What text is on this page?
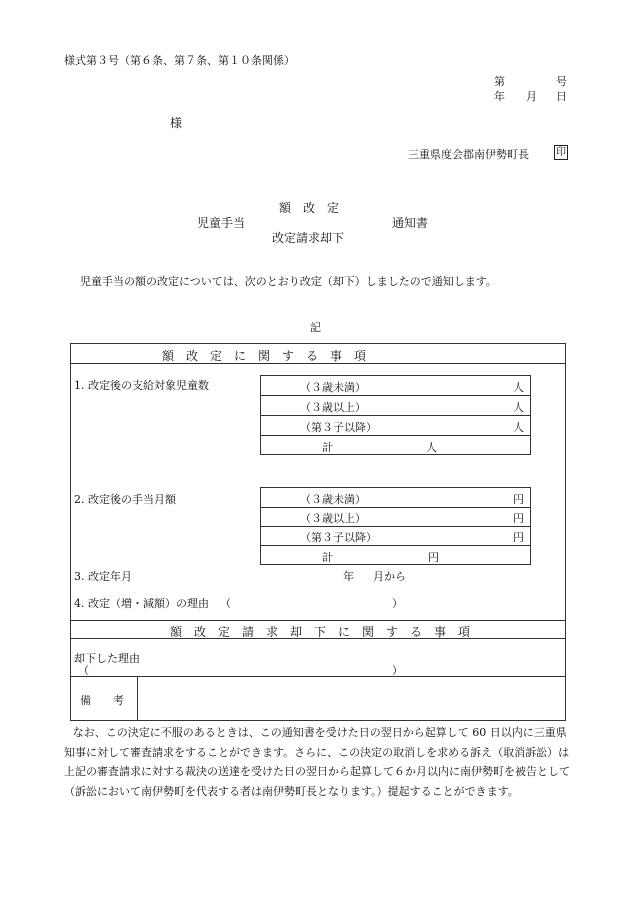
様式第３号（第６条、第７条、第１０条関係）
第	号
年 月 日
様
三重県度会郡南伊勢町長	印
額　改　定
児童手当	通知書
改定請求却下
児童手当の額の改定については、次のとおり改定（却下）しましたので通知します。
記
額　改　定　に　関　す　る　事　項
1. 改定後の支給対象児童数	（３歳未満）	人
（３歳以上）	人
（第３子以降）	人
計	人
2. 改定後の手当月額	（３歳未満）	円
（３歳以上）	円
（第３子以降）	円
計	円
3. 改定年月	年 月から
4. 改定（増・減額）の理由 （	）
額　改　定　請　求　却　下　に　関　す　る　事　項
却下した理由
（	）
備　　考
なお、この決定に不服のあるときは、この通知書を受けた日の翌日から起算して 60 日以内に三重県知事に対して審査請求をすることができます。さらに、この決定の取消しを求める訴え（取消訴訟）は上記の審査請求に対する裁決の送達を受けた日の翌日から起算して６か月以内に南伊勢町を被告として（訴訟において南伊勢町を代表する者は南伊勢町長となります。）提起することができます。
